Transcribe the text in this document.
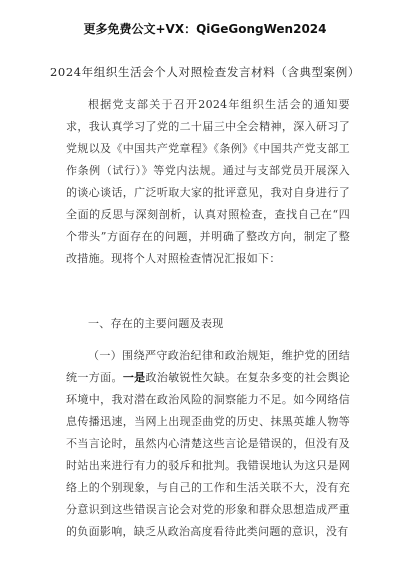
更多免费公文+VX：QiGeGongWen2024
2024年组织生活会个人对照检查发言材料（含典型案例）
根据党支部关于召开2024年组织生活会的通知要求，我认真学习了党的二十届三中全会精神，深入研习了党规以及《中国共产党章程》《条例》《中国共产党支部工作条例（试行）》等党内法规。通过与支部党员开展深入的谈心谈话，广泛听取大家的批评意见，我对自身进行了全面的反思与深刻剖析，认真对照检查，查找自己在“四个带头”方面存在的问题，并明确了整改方向，制定了整改措施。现将个人对照检查情况汇报如下：
一、存在的主要问题及表现
（一）围绕严守政治纪律和政治规矩，维护党的团结统一方面。一是政治敏锐性欠缺。在复杂多变的社会舆论环境中，我对潜在政治风险的洞察能力不足。如今网络信息传播迅速，当网上出现歪曲党的历史、抹黑英雄人物等不当言论时，虽然内心清楚这些言论是错误的，但没有及时站出来进行有力的驳斥和批判。我错误地认为这只是网络上的个别现象，与自己的工作和生活关联不大，没有充分意识到这些错误言论会对党的形象和群众思想造成严重的负面影响，缺乏从政治高度看待此类问题的意识，没有
